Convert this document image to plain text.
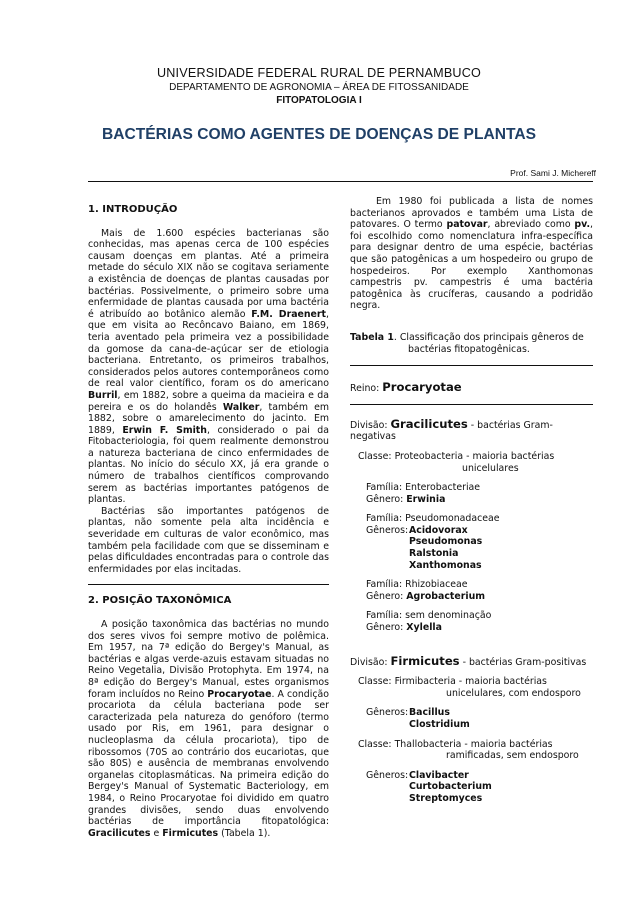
UNIVERSIDADE FEDERAL RURAL DE PERNAMBUCO
DEPARTAMENTO DE AGRONOMIA – ÁREA DE FITOSSANIDADE
FITOPATOLOGIA I
BACTÉRIAS COMO AGENTES DE DOENÇAS DE PLANTAS
Prof. Sami J. Michereff
1. INTRODUÇÃO

Mais de 1.600 espécies bacterianas são conhecidas, mas apenas cerca de 100 espécies causam doenças em plantas. Até a primeira metade do século XIX não se cogitava seriamente a existência de doenças de plantas causadas por bactérias. Possivelmente, o primeiro sobre uma enfermidade de plantas causada por uma bactéria é atribuído ao botânico alemão F.M. Draenert, que em visita ao Recôncavo Baiano, em 1869, teria aventado pela primeira vez a possibilidade da gomose da cana-de-açúcar ser de etiologia bacteriana. Entretanto, os primeiros trabalhos, considerados pelos autores contemporâneos como de real valor científico, foram os do americano Burril, em 1882, sobre a queima da macieira e da pereira e os do holandês Walker, também em 1882, sobre o amarelecimento do jacinto. Em 1889, Erwin F. Smith, considerado o pai da Fitobacteriologia, foi quem realmente demonstrou a natureza bacteriana de cinco enfermidades de plantas. No início do século XX, já era grande o número de trabalhos científicos comprovando serem as bactérias importantes patógenos de plantas.

Bactérias são importantes patógenos de plantas, não somente pela alta incidência e severidade em culturas de valor econômico, mas também pela facilidade com que se disseminam e pelas dificuldades encontradas para o controle das enfermidades por elas incitadas.

2. POSIÇÃO TAXONÔMICA

A posição taxonômica das bactérias no mundo dos seres vivos foi sempre motivo de polêmica. Em 1957, na 7ª edição do Bergey's Manual, as bactérias e algas verde-azuis estavam situadas no Reino Vegetalia, Divisão Protophyta. Em 1974, na 8ª edição do Bergey's Manual, estes organismos foram incluídos no Reino Procaryotae. A condição procariota da célula bacteriana pode ser caracterizada pela natureza do genóforo (termo usado por Ris, em 1961, para designar o nucleoplasma da célula procariota), tipo de ribossomos (70S ao contrário dos eucariotas, que são 80S) e ausência de membranas envolvendo organelas citoplasmáticas. Na primeira edição do Bergey's Manual of Systematic Bacteriology, em 1984, o Reino Procaryotae foi dividido em quatro grandes divisões, sendo duas envolvendo bactérias de importância fitopatológica: Gracilicutes e Firmicutes (Tabela 1).

Em 1980 foi publicada a lista de nomes bacterianos aprovados e também uma Lista de patovares. O termo patovar, abreviado como pv., foi escolhido como nomenclatura infra-específica para designar dentro de uma espécie, bactérias que são patogênicas a um hospedeiro ou grupo de hospedeiros. Por exemplo Xanthomonas campestris pv. campestris é uma bactéria patogênica às crucíferas, causando a podridão negra.

Tabela 1. Classificação dos principais gêneros de
bactérias fitopatogênicas.
Reino: Procaryotae
Divisão: Gracilicutes - bactérias Gram-negativas
Classe: Proteobacteria - maioria bactérias
unicelulares
Família: Enterobacteriae
Gênero: Erwinia
Família: Pseudomonadaceae
Gêneros: Acidovorax
Pseudomonas
Ralstonia
Xanthomonas
Família: Rhizobiaceae
Gênero: Agrobacterium
Família: sem denominação
Gênero: Xylella
Divisão: Firmicutes - bactérias Gram-positivas
Classe: Firmibacteria - maioria bactérias
unicelulares, com endosporo
Gêneros: Bacillus
Clostridium
Classe: Thallobacteria - maioria bactérias
ramificadas, sem endosporo
Gêneros: Clavibacter
Curtobacterium
Streptomyces
